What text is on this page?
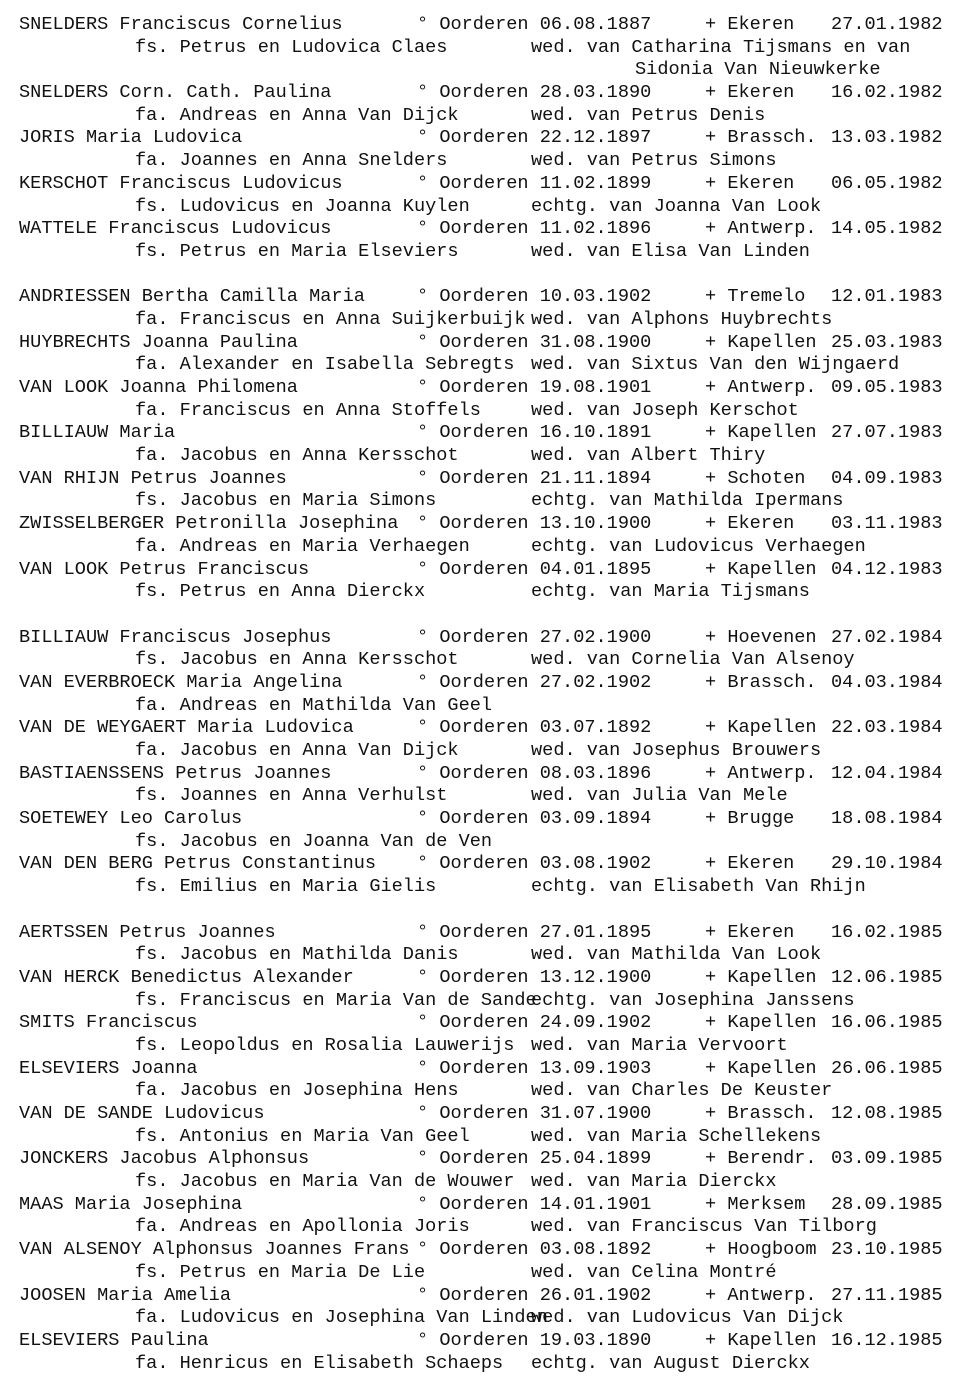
SNELDERS Franciscus Cornelius	° Oorderen 06.08.1887	+ Ekeren 27.01.1982
fs. Petrus en Ludovica Claes	wed. van Catharina Tijsmans en van
Sidonia Van Nieuwkerke
SNELDERS Corn. Cath. Paulina	° Oorderen 28.03.1890	+ Ekeren 16.02.1982
fa. Andreas en Anna Van Dijck	wed. van Petrus Denis
JORIS Maria Ludovica	° Oorderen 22.12.1897	+ Brassch. 13.03.1982
fa. Joannes en Anna Snelders	wed. van Petrus Simons
KERSCHOT Franciscus Ludovicus	° Oorderen 11.02.1899	+ Ekeren 06.05.1982
fs. Ludovicus en Joanna Kuylen	echtg. van Joanna Van Look
WATTELE Franciscus Ludovicus	° Oorderen 11.02.1896	+ Antwerp. 14.05.1982
fs. Petrus en Maria Elseviers	wed. van Elisa Van Linden
ANDRIESSEN Bertha Camilla Maria	° Oorderen 10.03.1902	+ Tremelo 12.01.1983
fa. Franciscus en Anna Suijkerbuijk wed. van Alphons Huybrechts
HUYBRECHTS Joanna Paulina	° Oorderen 31.08.1900	+ Kapellen 25.03.1983
fa. Alexander en Isabella Sebregts wed. van Sixtus Van den Wijngaerd
VAN LOOK Joanna Philomena	° Oorderen 19.08.1901	+ Antwerp. 09.05.1983
fa. Franciscus en Anna Stoffels	wed. van Joseph Kerschot
BILLIAUW Maria	° Oorderen 16.10.1891	+ Kapellen 27.07.1983
fa. Jacobus en Anna Kersschot	wed. van Albert Thiry
VAN RHIJN Petrus Joannes	° Oorderen 21.11.1894	+ Schoten 04.09.1983
fs. Jacobus en Maria Simons	echtg. van Mathilda Ipermans
ZWISSELBERGER Petronilla Josephina ° Oorderen 13.10.1900	+ Ekeren 03.11.1983
fa. Andreas en Maria Verhaegen	echtg. van Ludovicus Verhaegen
VAN LOOK Petrus Franciscus	° Oorderen 04.01.1895	+ Kapellen 04.12.1983
fs. Petrus en Anna Dierckx	echtg. van Maria Tijsmans
BILLIAUW Franciscus Josephus	° Oorderen 27.02.1900	+ Hoevenen 27.02.1984
fs. Jacobus en Anna Kersschot	wed. van Cornelia Van Alsenoy
VAN EVERBROECK Maria Angelina	° Oorderen 27.02.1902	+ Brassch. 04.03.1984
fa. Andreas en Mathilda Van Geel
VAN DE WEYGAERT Maria Ludovica	° Oorderen 03.07.1892	+ Kapellen 22.03.1984
fa. Jacobus en Anna Van Dijck	wed. van Josephus Brouwers
BASTIAENSSENS Petrus Joannes	° Oorderen 08.03.1896	+ Antwerp. 12.04.1984
fs. Joannes en Anna Verhulst	wed. van Julia Van Mele
SOETEWEY Leo Carolus	° Oorderen 03.09.1894	+ Brugge 18.08.1984
fs. Jacobus en Joanna Van de Ven
VAN DEN BERG Petrus Constantinus ° Oorderen 03.08.1902	+ Ekeren 29.10.1984
fs. Emilius en Maria Gielis	echtg. van Elisabeth Van Rhijn
AERTSSEN Petrus Joannes	° Oorderen 27.01.1895	+ Ekeren 16.02.1985
fs. Jacobus en Mathilda Danis	wed. van Mathilda Van Look
VAN HERCK Benedictus Alexander	° Oorderen 13.12.1900	+ Kapellen 12.06.1985
fs. Franciscus en Maria Van de Sande
echtg. van Josephina Janssens
SMITS Franciscus	° Oorderen 24.09.1902	+ Kapellen 16.06.1985
fs. Leopoldus en Rosalia Lauwerijs wed. van Maria Vervoort
ELSEVIERS Joanna	° Oorderen 13.09.1903	+ Kapellen 26.06.1985
fa. Jacobus en Josephina Hens	wed. van Charles De Keuster
VAN DE SANDE Ludovicus	° Oorderen 31.07.1900	+ Brassch. 12.08.1985
fs. Antonius en Maria Van Geel	wed. van Maria Schellekens
JONCKERS Jacobus Alphonsus	° Oorderen 25.04.1899	+ Berendr. 03.09.1985
fs. Jacobus en Maria Van de Wouwer wed. van Maria Dierckx
MAAS Maria Josephina	° Oorderen 14.01.1901	+ Merksem 28.09.1985
fa. Andreas en Apollonia Joris	wed. van Franciscus Van Tilborg
VAN ALSENOY Alphonsus Joannes Frans ° Oorderen 03.08.1892	+ Hoogboom 23.10.1985
fs. Petrus en Maria De Lie	wed. van Celina Montré
JOOSEN Maria Amelia	° Oorderen 26.01.1902	+ Antwerp. 27.11.1985
fa. Ludovicus en Josephina Van Linden
wed. van Ludovicus Van Dijck
ELSEVIERS Paulina	° Oorderen 19.03.1890	+ Kapellen 16.12.1985
fa. Henricus en Elisabeth Schaeps echtg. van August Dierckx
